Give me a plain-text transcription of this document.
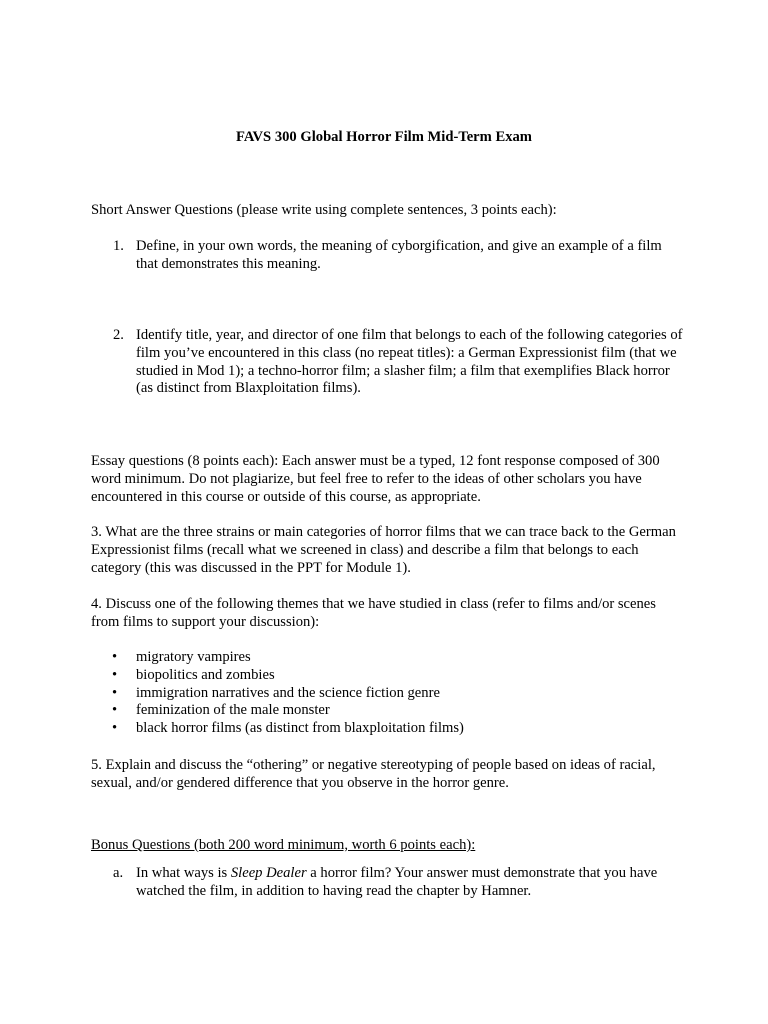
FAVS 300 Global Horror Film Mid-Term Exam
Short Answer Questions (please write using complete sentences, 3 points each):
1. Define, in your own words, the meaning of cyborgification, and give an example of a film that demonstrates this meaning.
2. Identify title, year, and director of one film that belongs to each of the following categories of film you’ve encountered in this class (no repeat titles): a German Expressionist film (that we studied in Mod 1); a techno-horror film; a slasher film; a film that exemplifies Black horror (as distinct from Blaxploitation films).
Essay questions (8 points each): Each answer must be a typed, 12 font response composed of 300 word minimum. Do not plagiarize, but feel free to refer to the ideas of other scholars you have encountered in this course or outside of this course, as appropriate.
3. What are the three strains or main categories of horror films that we can trace back to the German Expressionist films (recall what we screened in class) and describe a film that belongs to each category (this was discussed in the PPT for Module 1).
4. Discuss one of the following themes that we have studied in class (refer to films and/or scenes from films to support your discussion):
• migratory vampires
• biopolitics and zombies
• immigration narratives and the science fiction genre
• feminization of the male monster
• black horror films (as distinct from blaxploitation films)
5. Explain and discuss the “othering” or negative stereotyping of people based on ideas of racial, sexual, and/or gendered difference that you observe in the horror genre.
Bonus Questions (both 200 word minimum, worth 6 points each):
a. In what ways is Sleep Dealer a horror film? Your answer must demonstrate that you have watched the film, in addition to having read the chapter by Hamner.
